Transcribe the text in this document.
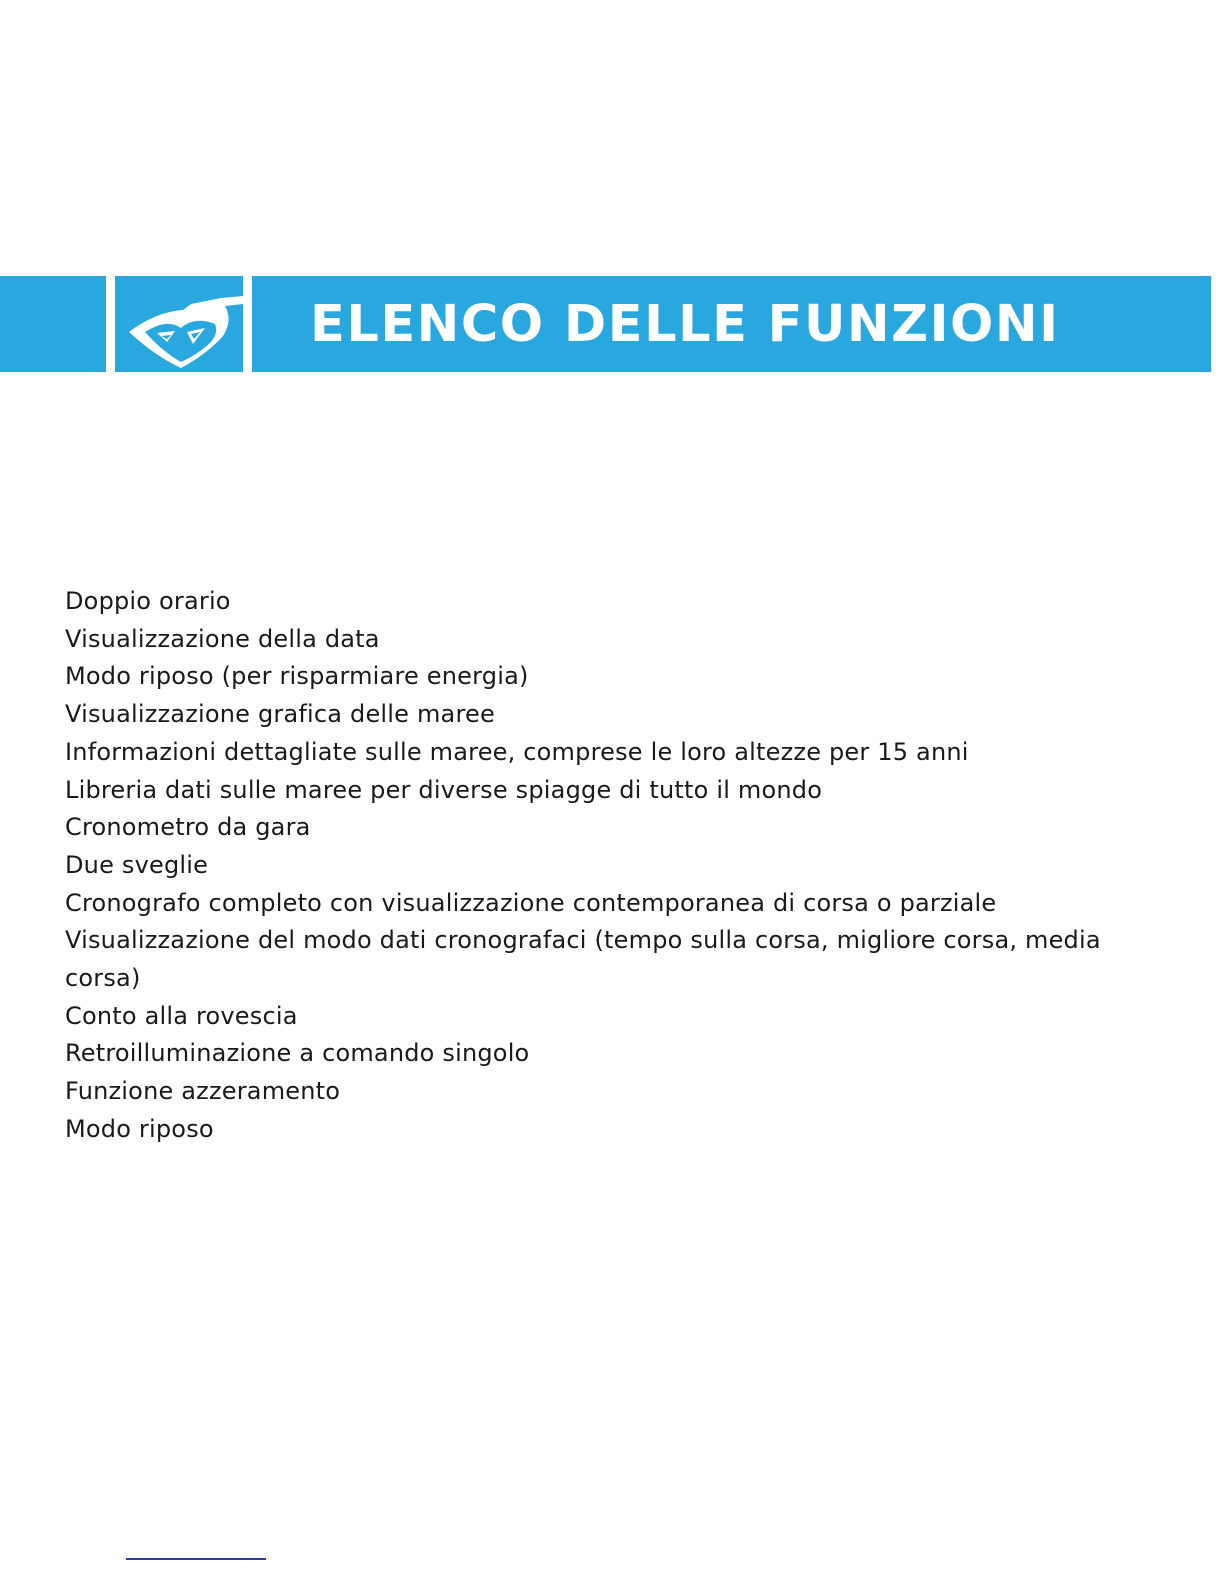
ELENCO DELLE FUNZIONI
Doppio orario
Visualizzazione della data
Modo riposo (per risparmiare energia)
Visualizzazione grafica delle maree
Informazioni dettagliate sulle maree, comprese le loro altezze per 15 anni
Libreria dati sulle maree per diverse spiagge di tutto il mondo
Cronometro da gara
Due sveglie
Cronografo completo con visualizzazione contemporanea di corsa o parziale
Visualizzazione del modo dati cronografaci (tempo sulla corsa, migliore corsa, media corsa)
Conto alla rovescia
Retroilluminazione a comando singolo
Funzione azzeramento
Modo riposo
